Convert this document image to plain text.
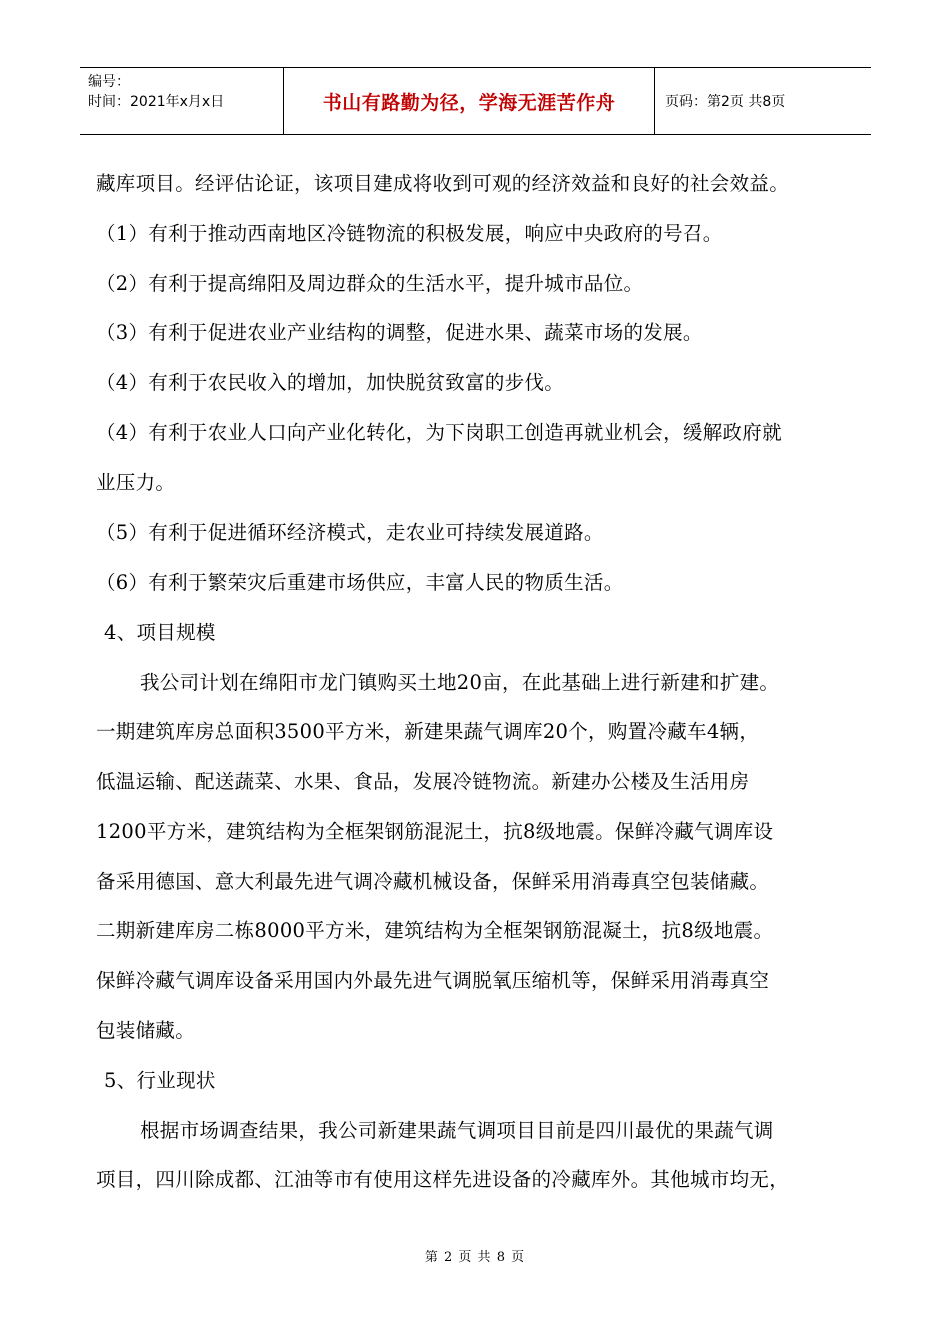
编号：
时间：2021年x月x日	书山有路勤为径，学海无涯苦作舟	页码：第2页 共8页
藏库项目。经评估论证，该项目建成将收到可观的经济效益和良好的社会效益。
（1）有利于推动西南地区冷链物流的积极发展，响应中央政府的号召。
（2）有利于提高绵阳及周边群众的生活水平，提升城市品位。
（3）有利于促进农业产业结构的调整，促进水果、蔬菜市场的发展。
（4）有利于农民收入的增加，加快脱贫致富的步伐。
（4）有利于农业人口向产业化转化，为下岗职工创造再就业机会，缓解政府就
业压力。
（5）有利于促进循环经济模式，走农业可持续发展道路。
（6）有利于繁荣灾后重建市场供应，丰富人民的物质生活。
4、项目规模
我公司计划在绵阳市龙门镇购买土地20亩，在此基础上进行新建和扩建。
一期建筑库房总面积3500平方米，新建果蔬气调库20个，购置冷藏车4辆，
低温运输、配送蔬菜、水果、食品，发展冷链物流。新建办公楼及生活用房
1200平方米，建筑结构为全框架钢筋混泥土，抗8级地震。保鲜冷藏气调库设
备采用德国、意大利最先进气调冷藏机械设备，保鲜采用消毒真空包装储藏。
二期新建库房二栋8000平方米，建筑结构为全框架钢筋混凝土，抗8级地震。
保鲜冷藏气调库设备采用国内外最先进气调脱氧压缩机等，保鲜采用消毒真空
包装储藏。
5、行业现状
根据市场调查结果，我公司新建果蔬气调项目目前是四川最优的果蔬气调
项目，四川除成都、江油等市有使用这样先进设备的冷藏库外。其他城市均无，
第 2 页 共 8 页
